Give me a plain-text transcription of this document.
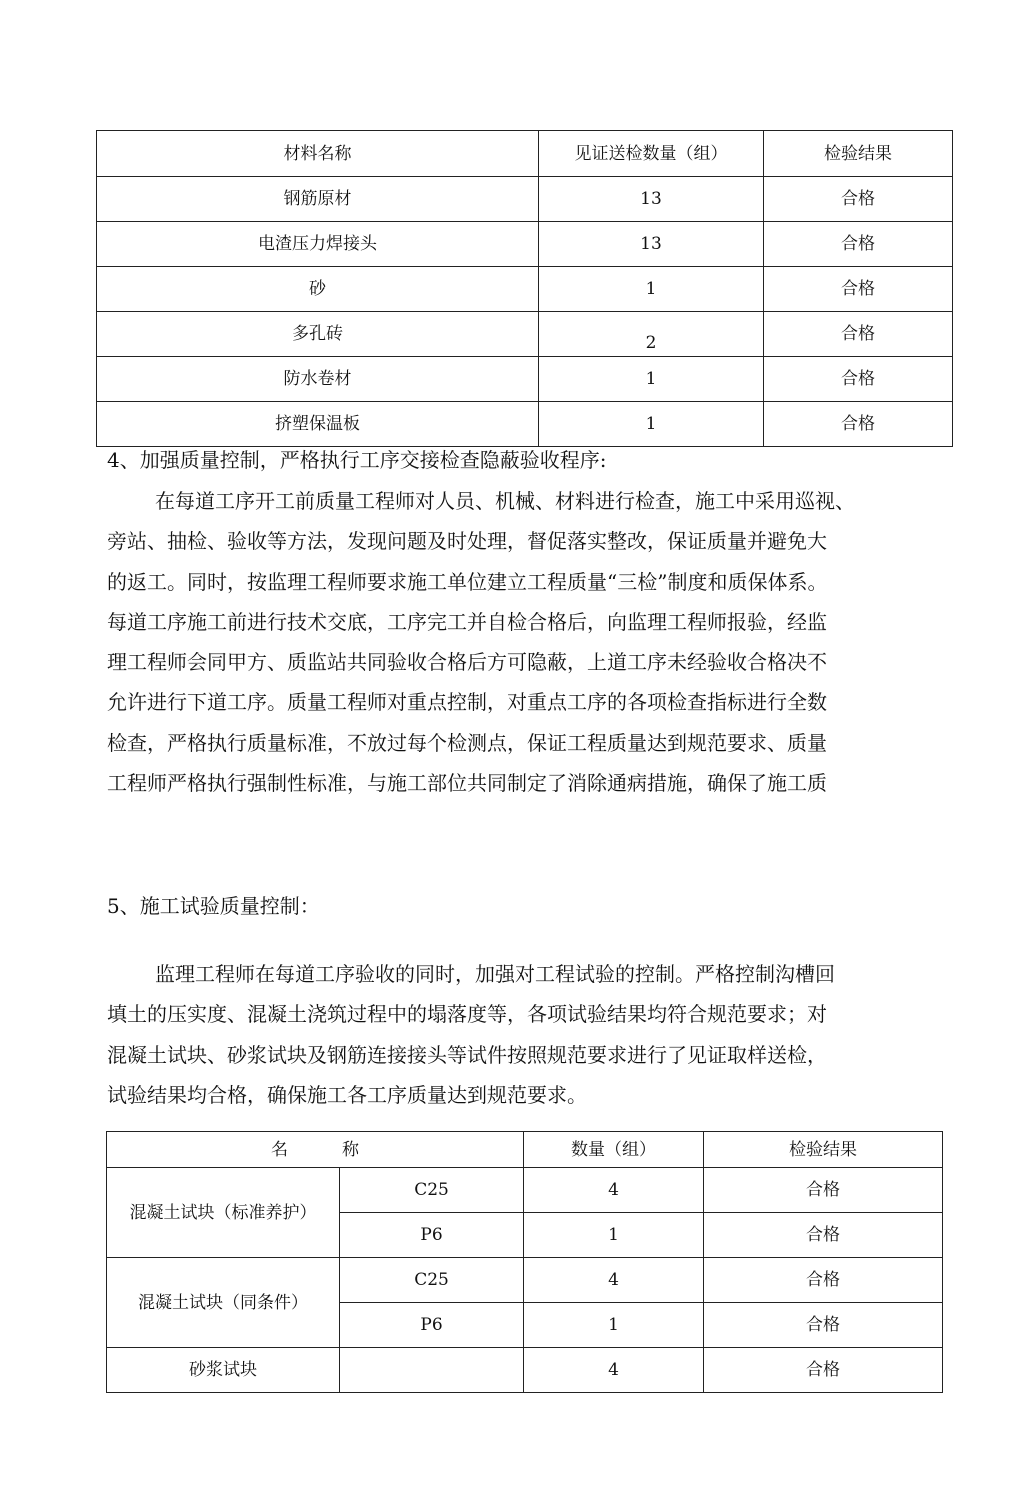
材料名称	见证送检数量（组）	检验结果
钢筋原材	13	合格
电渣压力焊接头	13	合格
砂	1	合格
多孔砖	2	合格
防水卷材	1	合格
挤塑保温板	1	合格
4、加强质量控制，严格执行工序交接检查隐蔽验收程序:
在每道工序开工前质量工程师对人员、机械、材料进行检查，施工中采用巡视、
旁站、抽检、验收等方法，发现问题及时处理，督促落实整改，保证质量并避免大
的返工。同时，按监理工程师要求施工单位建立工程质量“三检”制度和质保体系。
每道工序施工前进行技术交底，工序完工并自检合格后，向监理工程师报验，经监
理工程师会同甲方、质监站共同验收合格后方可隐蔽，上道工序未经验收合格决不
允许进行下道工序。质量工程师对重点控制，对重点工序的各项检查指标进行全数
检查，严格执行质量标准，不放过每个检测点，保证工程质量达到规范要求、质量
工程师严格执行强制性标准，与施工部位共同制定了消除通病措施，确保了施工质
5、施工试验质量控制：
监理工程师在每道工序验收的同时，加强对工程试验的控制。严格控制沟槽回
填土的压实度、混凝土浇筑过程中的塌落度等，各项试验结果均符合规范要求；对
混凝土试块、砂浆试块及钢筋连接接头等试件按照规范要求进行了见证取样送检，
试验结果均合格，确保施工各工序质量达到规范要求。
名          称		数量（组）	检验结果
混凝土试块（标准养护）	C25	4	合格
	P6	1	合格
混凝土试块（同条件）	C25	4	合格
	P6	1	合格
砂浆试块		4	合格
